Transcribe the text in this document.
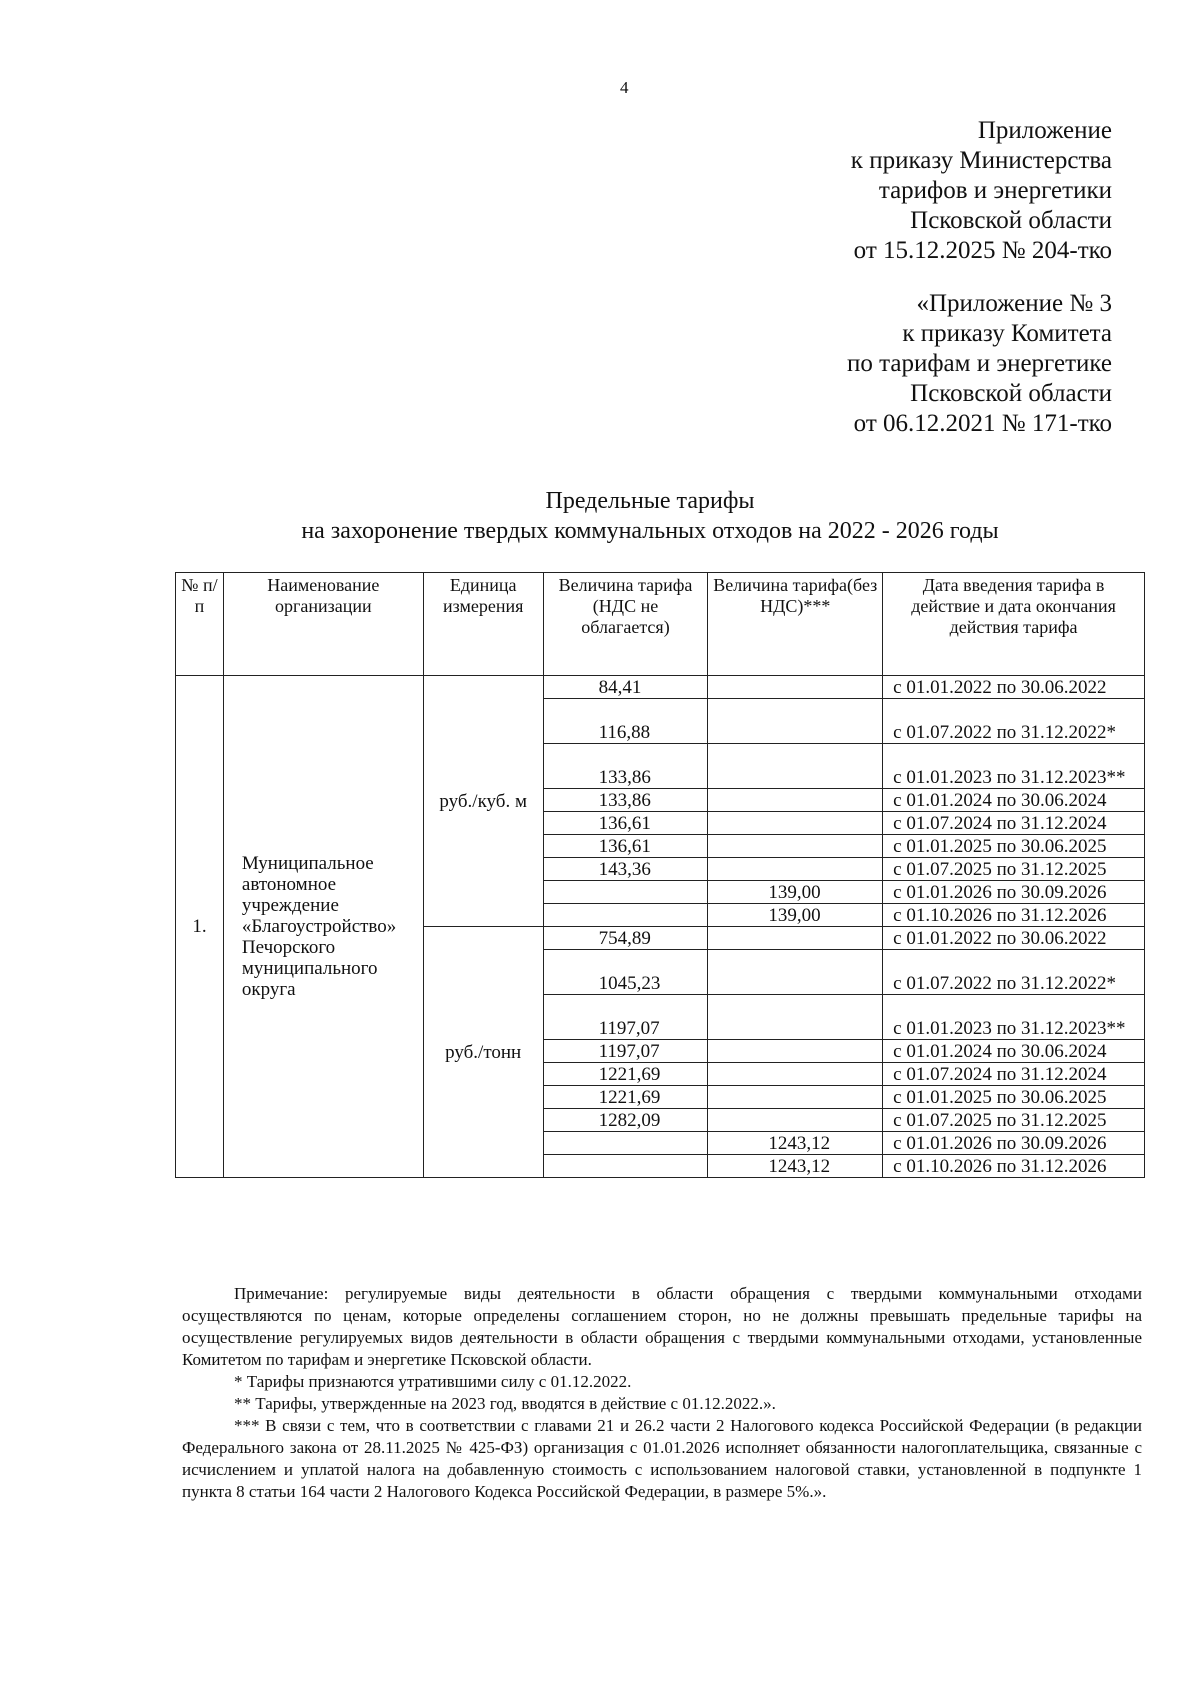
4
Приложение
к приказу Министерства
тарифов и энергетики
Псковской области
от 15.12.2025 № 204-тко
«Приложение № 3
к приказу Комитета
по тарифам и энергетике
Псковской области
от 06.12.2021 № 171-тко
Предельные тарифы
на захоронение твердых коммунальных отходов на 2022 - 2026 годы
№ п/п	Наименование организации	Единица измерения	Величина тарифа (НДС не облагается)	Величина тарифа(без НДС)***	Дата введения тарифа в действие и дата окончания действия тарифа
1.	Муниципальное автономное учреждение «Благоустройство» Печорского муниципального округа	руб./куб. м	84,41		с 01.01.2022 по 30.06.2022
			116,88		с 01.07.2022 по 31.12.2022*
			133,86		с 01.01.2023 по 31.12.2023**
			133,86		с 01.01.2024 по 30.06.2024
			136,61		с 01.07.2024 по 31.12.2024
			136,61		с 01.01.2025 по 30.06.2025
			143,36		с 01.07.2025 по 31.12.2025
				139,00	с 01.01.2026 по 30.09.2026
				139,00	с 01.10.2026 по 31.12.2026
		руб./тонн	754,89		с 01.01.2022 по 30.06.2022
			1045,23		с 01.07.2022 по 31.12.2022*
			1197,07		с 01.01.2023 по 31.12.2023**
			1197,07		с 01.01.2024 по 30.06.2024
			1221,69		с 01.07.2024 по 31.12.2024
			1221,69		с 01.01.2025 по 30.06.2025
			1282,09		с 01.07.2025 по 31.12.2025
				1243,12	с 01.01.2026 по 30.09.2026
				1243,12	с 01.10.2026 по 31.12.2026

Примечание: регулируемые виды деятельности в области обращения с твердыми коммунальными отходами осуществляются по ценам, которые определены соглашением сторон, но не должны превышать предельные тарифы на осуществление регулируемых видов деятельности в области обращения с твердыми коммунальными отходами, установленные Комитетом по тарифам и энергетике Псковской области.

* Тарифы признаются утратившими силу с 01.12.2022.

** Тарифы, утвержденные на 2023 год, вводятся в действие с 01.12.2022.».

*** В связи с тем, что в соответствии с главами 21 и 26.2 части 2 Налогового кодекса Российской Федерации (в редакции Федерального закона от 28.11.2025 № 425-ФЗ) организация с 01.01.2026 исполняет обязанности налогоплательщика, связанные с исчислением и уплатой налога на добавленную стоимость с использованием налоговой ставки, установленной в подпункте 1 пункта 8 статьи 164 части 2 Налогового Кодекса Российской Федерации, в размере 5%.».
